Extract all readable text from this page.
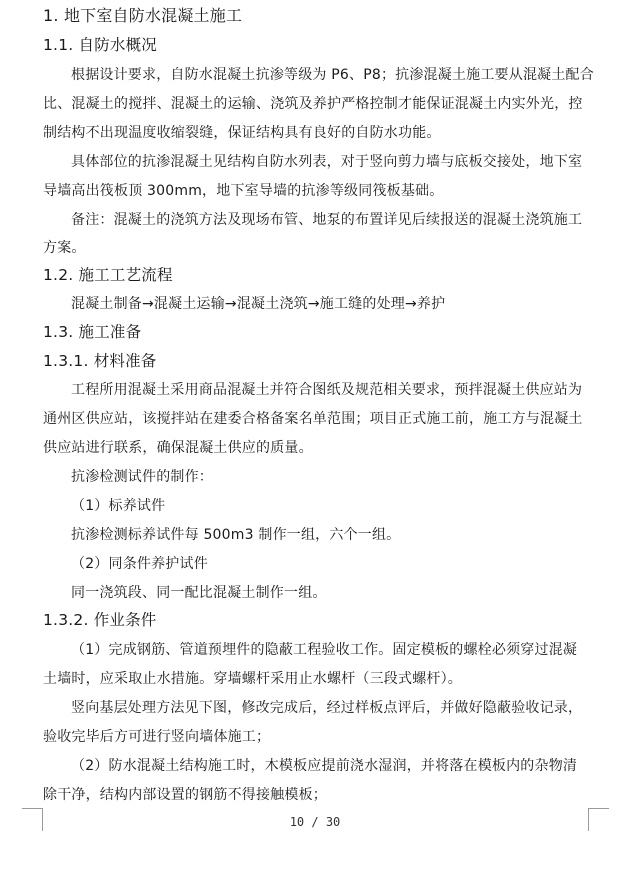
1. 地下室自防水混凝土施工
1.1. 自防水概况
根据设计要求，自防水混凝土抗渗等级为 P6、P8；抗渗混凝土施工要从混凝土配合
比、混凝土的搅拌、混凝土的运输、浇筑及养护严格控制才能保证混凝土内实外光，控
制结构不出现温度收缩裂缝，保证结构具有良好的自防水功能。
具体部位的抗渗混凝土见结构自防水列表，对于竖向剪力墙与底板交接处，地下室
导墙高出筏板顶 300mm，地下室导墙的抗渗等级同筏板基础。
备注：混凝土的浇筑方法及现场布管、地泵的布置详见后续报送的混凝土浇筑施工
方案。
1.2. 施工工艺流程
混凝土制备→混凝土运输→混凝土浇筑→施工缝的处理→养护
1.3. 施工准备
1.3.1. 材料准备
工程所用混凝土采用商品混凝土并符合图纸及规范相关要求，预拌混凝土供应站为
通州区供应站，该搅拌站在建委合格备案名单范围；项目正式施工前，施工方与混凝土
供应站进行联系，确保混凝土供应的质量。
抗渗检测试件的制作：
（1）标养试件
抗渗检测标养试件每 500m3 制作一组，六个一组。
（2）同条件养护试件
同一浇筑段、同一配比混凝土制作一组。
1.3.2. 作业条件
（1）完成钢筋、管道预埋件的隐蔽工程验收工作。固定模板的螺栓必须穿过混凝
土墙时，应采取止水措施。穿墙螺杆采用止水螺杆（三段式螺杆）。
竖向基层处理方法见下图，修改完成后，经过样板点评后，并做好隐蔽验收记录，
验收完毕后方可进行竖向墙体施工；
（2）防水混凝土结构施工时，木模板应提前浇水湿润，并将落在模板内的杂物清
除干净，结构内部设置的钢筋不得接触模板；
10 / 30
